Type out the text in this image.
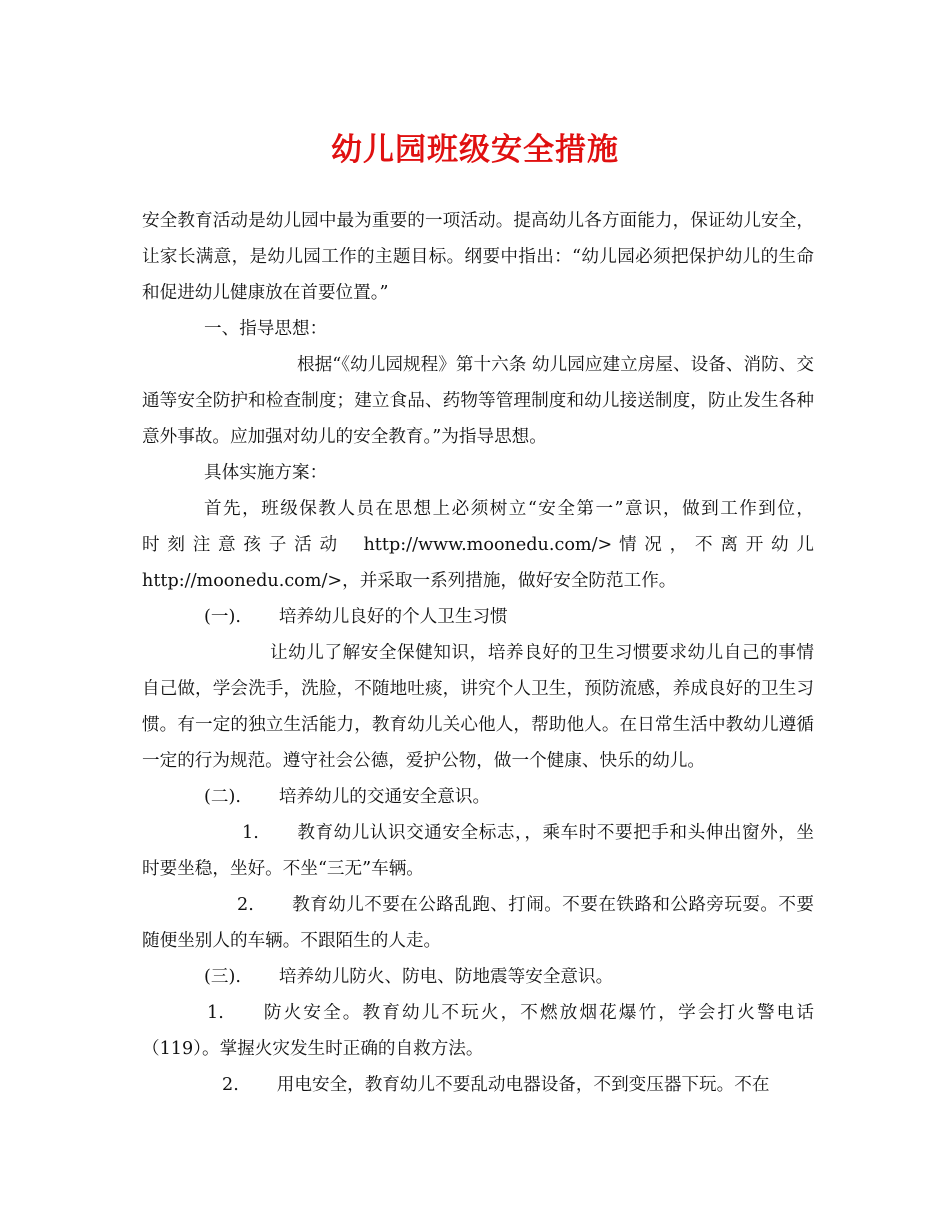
幼儿园班级安全措施

安全教育活动是幼儿园中最为重要的一项活动。提高幼儿各方面能力，保证幼儿安全，让家长满意，是幼儿园工作的主题目标。纲要中指出：“幼儿园必须把保护幼儿的生命和促进幼儿健康放在首要位置。”

一、指导思想：

根据“《幼儿园规程》第十六条 幼儿园应建立房屋、设备、消防、交通等安全防护和检查制度；建立食品、药物等管理制度和幼儿接送制度，防止发生各种意外事故。应加强对幼儿的安全教育。”为指导思想。

具体实施方案：

首先，班级保教人员在思想上必须树立“安全第一”意识，做到工作到位，

时 刻 注 意 孩 子 活 动 　http://www.moonedu.com/> 情 况 ， 不 离 开 幼 儿

http://moonedu.com/>，并采取一系列措施，做好安全防范工作。

(一). 培养幼儿良好的个人卫生习惯

让幼儿了解安全保健知识，培养良好的卫生习惯要求幼儿自己的事情自己做，学会洗手，洗脸，不随地吐痰，讲究个人卫生，预防流感，养成良好的卫生习惯。有一定的独立生活能力，教育幼儿关心他人，帮助他人。在日常生活中教幼儿遵循一定的行为规范。遵守社会公德，爱护公物，做一个健康、快乐的幼儿。

(二). 培养幼儿的交通安全意识。

1. 教育幼儿认识交通安全标志，，乘车时不要把手和头伸出窗外，坐时要坐稳，坐好。不坐“三无”车辆。

2. 教育幼儿不要在公路乱跑、打闹。不要在铁路和公路旁玩耍。不要随便坐别人的车辆。不跟陌生的人走。

(三). 培养幼儿防火、防电、防地震等安全意识。

1. 防火安全。教育幼儿不玩火，不燃放烟花爆竹，学会打火警电话（119）。掌握火灾发生时正确的自救方法。

2. 用电安全，教育幼儿不要乱动电器设备，不到变压器下玩。不在
